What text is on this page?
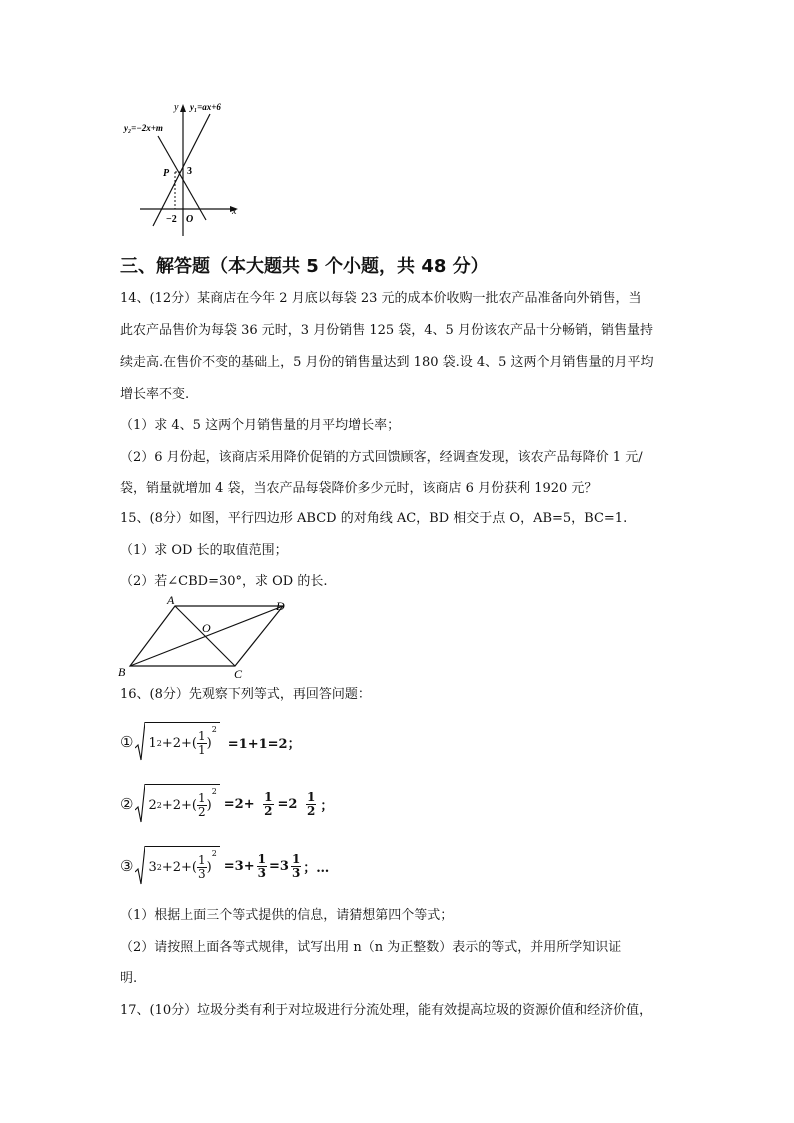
y y₁=ax+6
y₂=−2x+m
P 3
−2 O
x
三、解答题（本大题共 5 个小题，共 48 分）
14、(12分）某商店在今年 2 月底以每袋 23 元的成本价收购一批农产品准备向外销售，当
此农产品售价为每袋 36 元时，3 月份销售 125 袋，4、5 月份该农产品十分畅销，销售量持
续走高.在售价不变的基础上，5 月份的销售量达到 180 袋.设 4、5 这两个月销售量的月平均
增长率不变.
（1）求 4、5 这两个月销售量的月平均增长率；
（2）6 月份起，该商店采用降价促销的方式回馈顾客，经调查发现，该农产品每降价 1 元/
袋，销量就增加 4 袋，当农产品每袋降价多少元时，该商店 6 月份获利 1920 元？
15、(8分）如图，平行四边形 ABCD 的对角线 AC，BD 相交于点 O，AB=5，BC=1.
（1）求 OD 长的取值范围；
（2）若∠CBD=30°，求 OD 的长.
A	D
B	C
O
16、(8分）先观察下列等式，再回答问题：
① 1 $2 +2+( \frac{1}{1}$ )
2
=1+1=2；
② 2 $2 +2+( \frac{1}{2}$ )
2
$=2+ \frac{1}{2} =2 \frac{1}{2}$ ；
③ 3 $2 +2+( \frac{1}{3}$ )
2
$=3+ \frac{1}{3} =3 \frac{1}{3}$ ；…
（1）根据上面三个等式提供的信息，请猜想第四个等式；
（2）请按照上面各等式规律，试写出用 n（n 为正整数）表示的等式，并用所学知识证
明.
17、(10分）垃圾分类有利于对垃圾进行分流处理，能有效提高垃圾的资源价值和经济价值，
